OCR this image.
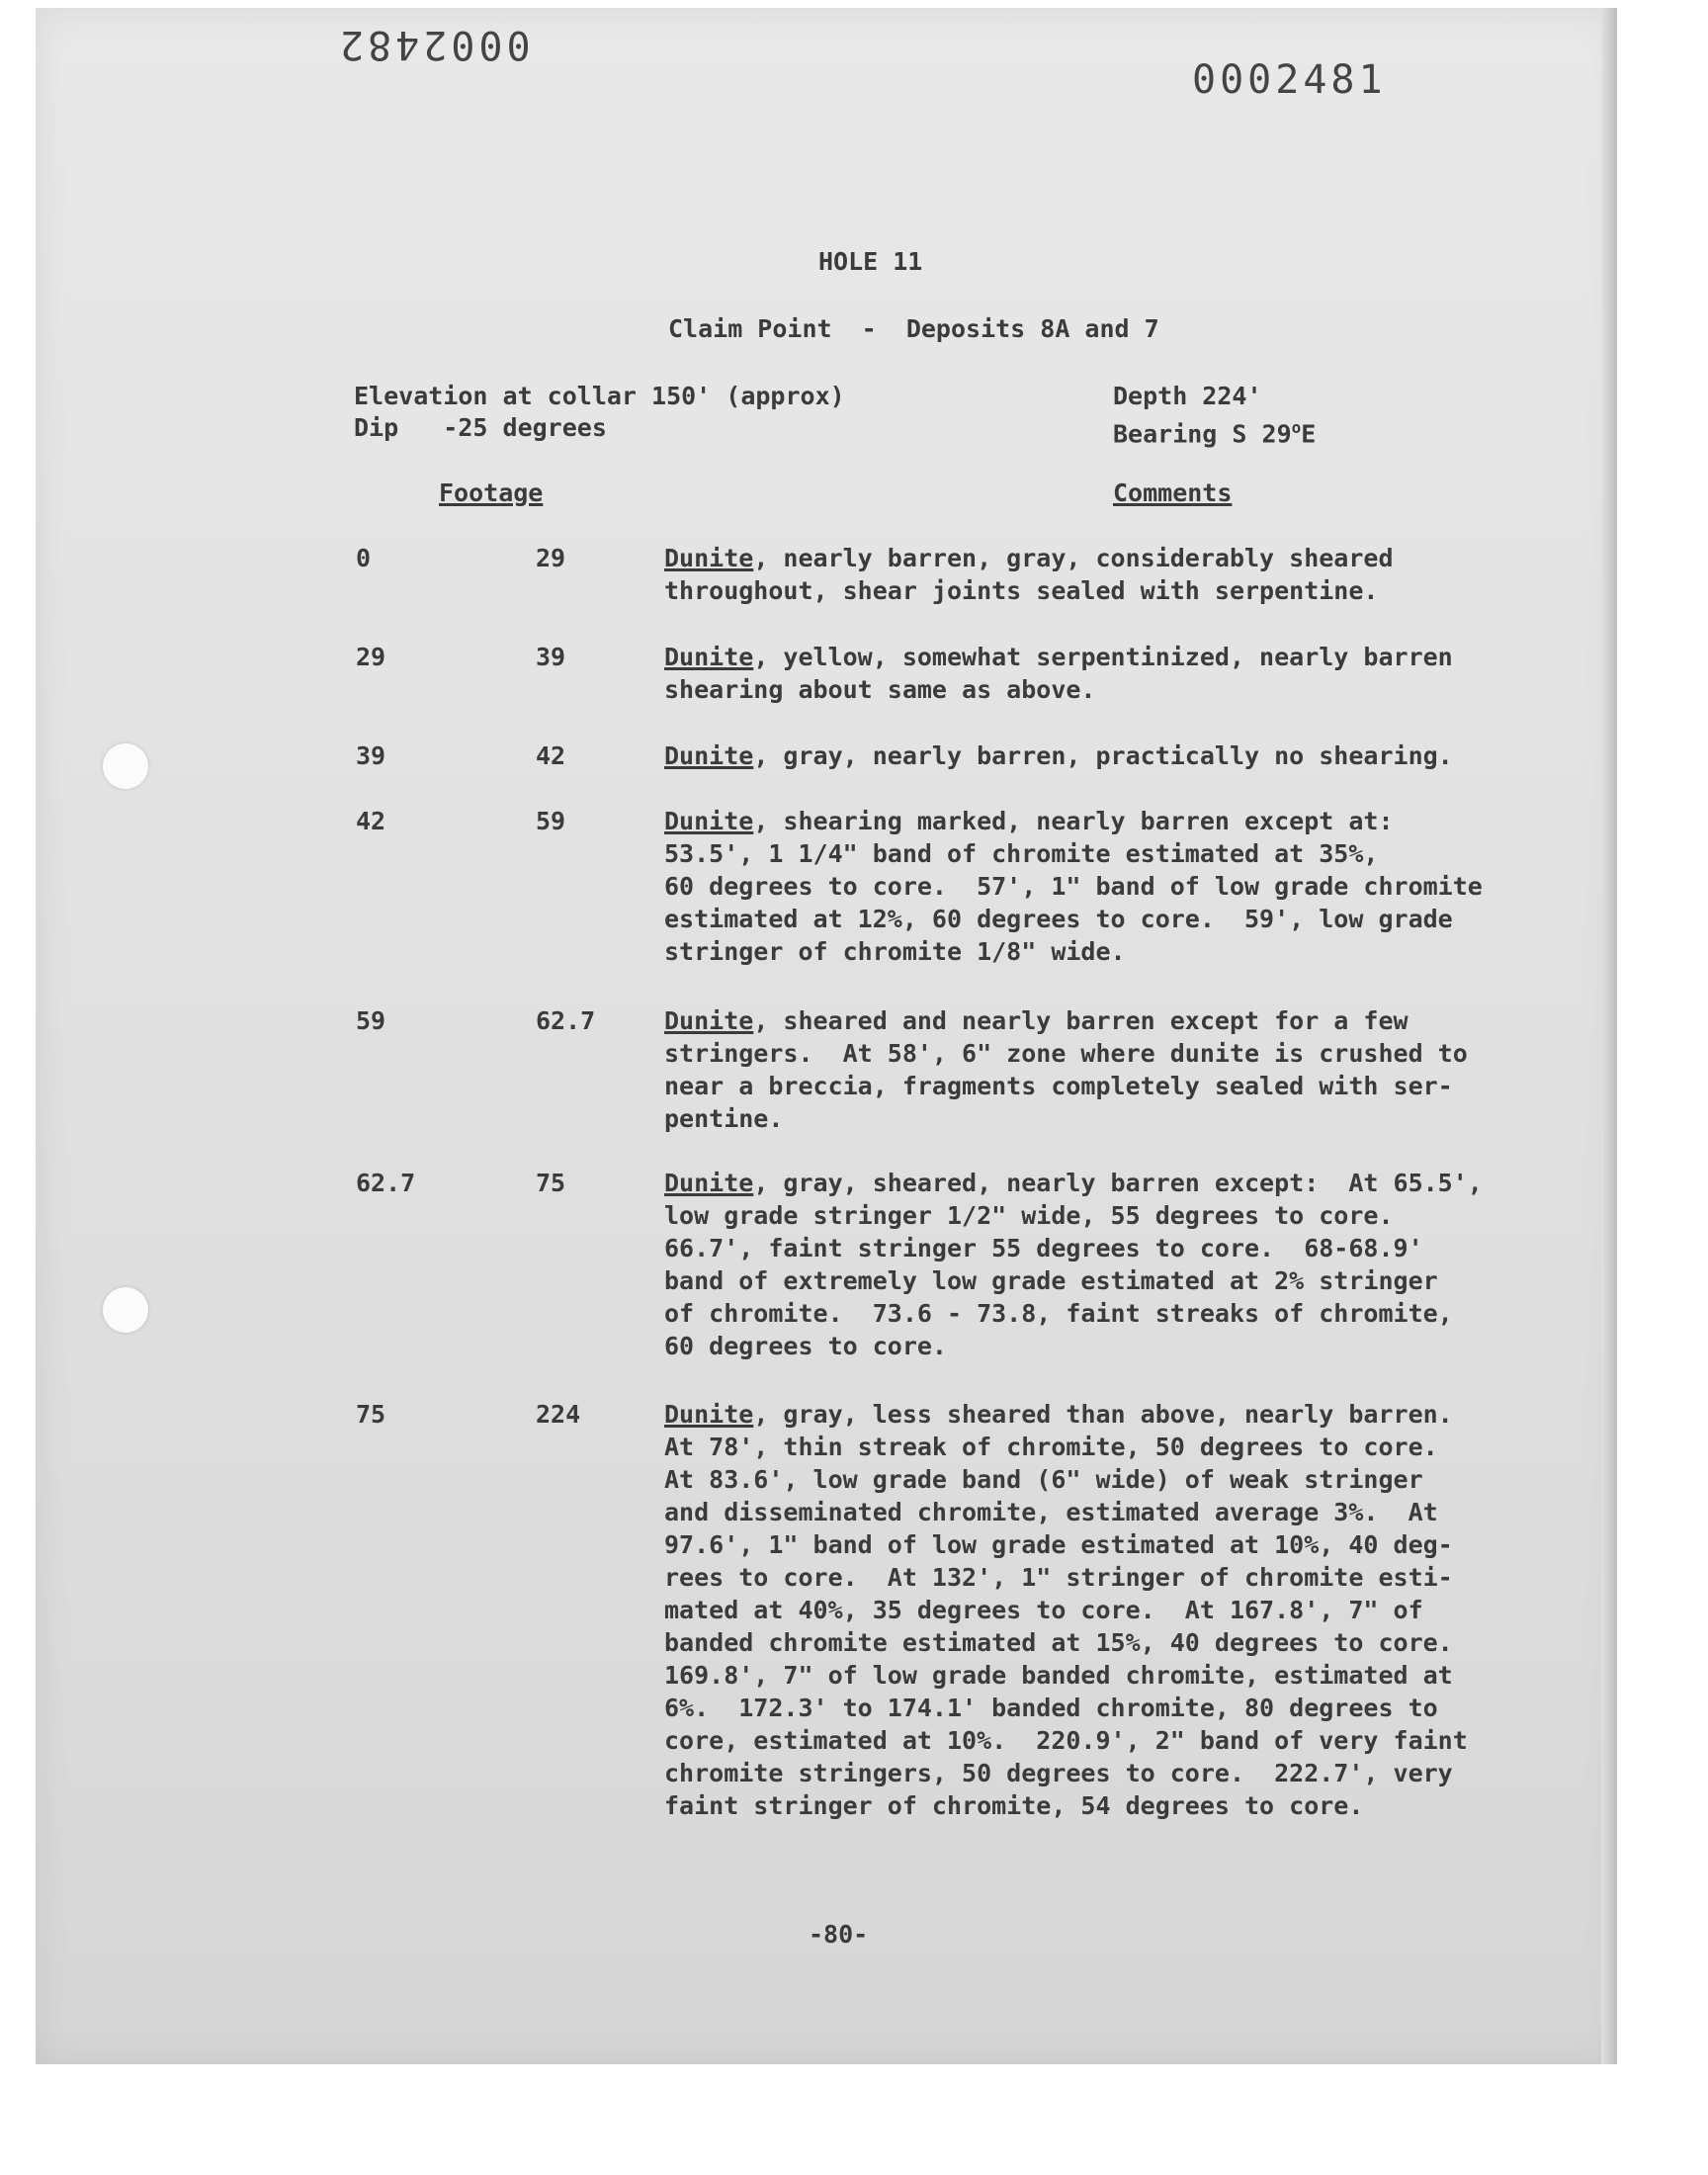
0002482
0002481
HOLE 11
Claim Point  -  Deposits 8A and 7
Elevation at collar 150' (approx)
Dip   -25 degrees
Depth 224'
Bearing S 29$^o$E
Footage	Comments
0	29	Dunite, nearly barren, gray, considerably sheared
throughout, shear joints sealed with serpentine.
29	39	Dunite, yellow, somewhat serpentinized, nearly barren
shearing about same as above.
39	42	Dunite, gray, nearly barren, practically no shearing.
42	59	Dunite, shearing marked, nearly barren except at:
53.5', 1 1/4" band of chromite estimated at 35%,
60 degrees to core.  57', 1" band of low grade chromite
estimated at 12%, 60 degrees to core.  59', low grade
stringer of chromite 1/8" wide.
59	62.7	Dunite, sheared and nearly barren except for a few
stringers.  At 58', 6" zone where dunite is crushed to
near a breccia, fragments completely sealed with ser-
pentine.
62.7	75	Dunite, gray, sheared, nearly barren except:  At 65.5',
low grade stringer 1/2" wide, 55 degrees to core.
66.7', faint stringer 55 degrees to core.  68-68.9'
band of extremely low grade estimated at 2% stringer
of chromite.  73.6 - 73.8, faint streaks of chromite,
60 degrees to core.
75	224	Dunite, gray, less sheared than above, nearly barren.
At 78', thin streak of chromite, 50 degrees to core.
At 83.6', low grade band (6" wide) of weak stringer
and disseminated chromite, estimated average 3%.  At
97.6', 1" band of low grade estimated at 10%, 40 deg-
rees to core.  At 132', 1" stringer of chromite esti-
mated at 40%, 35 degrees to core.  At 167.8', 7" of
banded chromite estimated at 15%, 40 degrees to core.
169.8', 7" of low grade banded chromite, estimated at
6%.  172.3' to 174.1' banded chromite, 80 degrees to
core, estimated at 10%.  220.9', 2" band of very faint
chromite stringers, 50 degrees to core.  222.7', very
faint stringer of chromite, 54 degrees to core.
-80-
